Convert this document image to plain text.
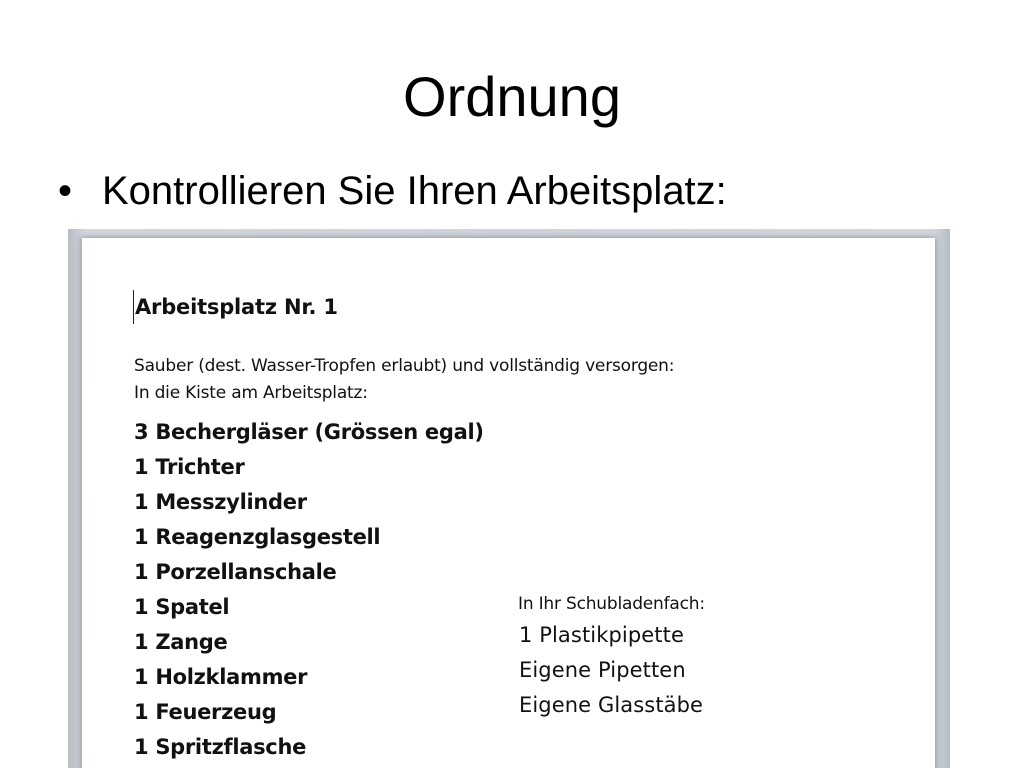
Ordnung
• Kontrollieren Sie Ihren Arbeitsplatz:
Arbeitsplatz Nr. 1
Sauber (dest. Wasser-Tropfen erlaubt) und vollständig versorgen:
In die Kiste am Arbeitsplatz:
3 Bechergläser (Grössen egal)
1 Trichter
1 Messzylinder
1 Reagenzglasgestell
1 Porzellanschale
1 Spatel
1 Zange
1 Holzklammer
1 Feuerzeug
1 Spritzflasche
In Ihr Schubladenfach:
1 Plastikpipette
Eigene Pipetten
Eigene Glasstäbe
